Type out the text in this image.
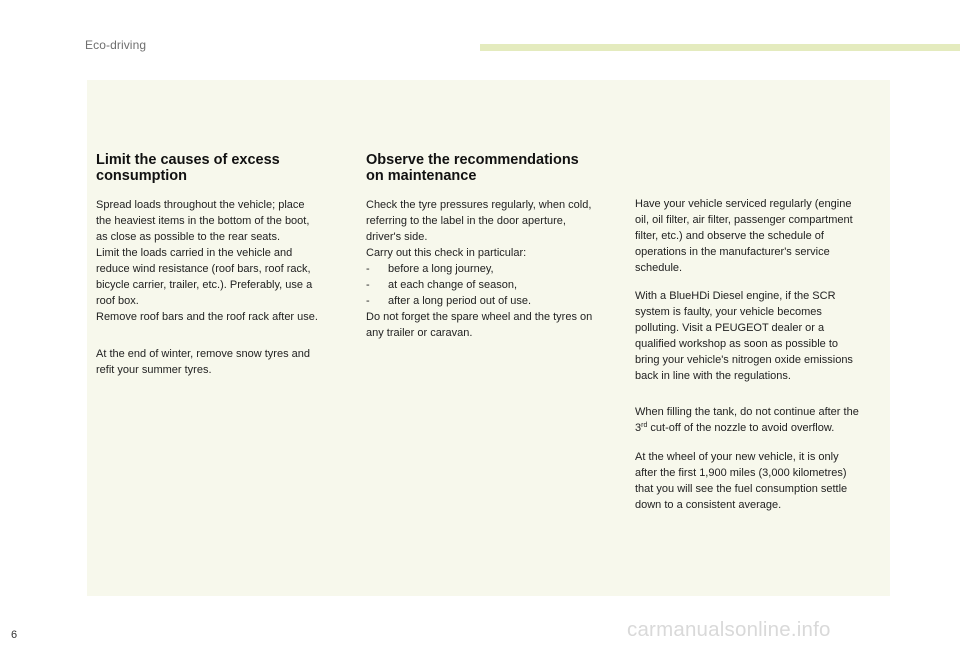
Eco-driving
Limit the causes of excess
consumption

Spread loads throughout the vehicle; place
the heaviest items in the bottom of the boot,
as close as possible to the rear seats.
Limit the loads carried in the vehicle and
reduce wind resistance (roof bars, roof rack,
bicycle carrier, trailer, etc.). Preferably, use a
roof box.
Remove roof bars and the roof rack after use.

At the end of winter, remove snow tyres and
refit your summer tyres.

Observe the recommendations
on maintenance

Check the tyre pressures regularly, when cold,
referring to the label in the door aperture,
driver's side.
Carry out this check in particular:

-	before a long journey,
-	at each change of season,
-	after a long period out of use.

Do not forget the spare wheel and the tyres on
any trailer or caravan.

Have your vehicle serviced regularly (engine
oil, oil filter, air filter, passenger compartment
filter, etc.) and observe the schedule of
operations in the manufacturer's service
schedule.

With a BlueHDi Diesel engine, if the SCR
system is faulty, your vehicle becomes
polluting. Visit a PEUGEOT dealer or a
qualified workshop as soon as possible to
bring your vehicle's nitrogen oxide emissions
back in line with the regulations.

When filling the tank, do not continue after the
3rd cut-off of the nozzle to avoid overflow.

At the wheel of your new vehicle, it is only
after the first 1,900 miles (3,000 kilometres)
that you will see the fuel consumption settle
down to a consistent average.

6	carmanualsonline.info
